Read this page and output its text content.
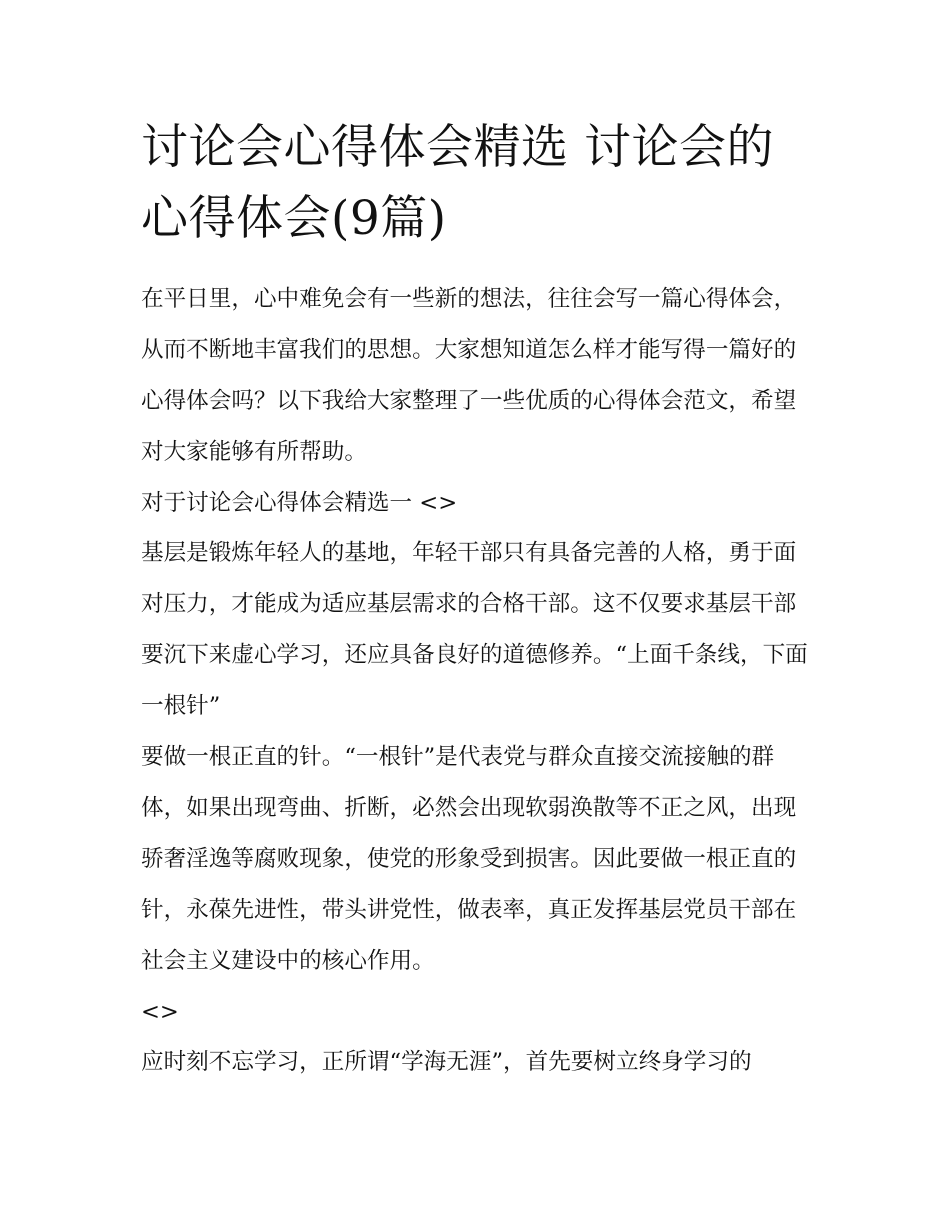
讨论会心得体会精选 讨论会的心得体会(9篇)

在平日里，心中难免会有一些新的想法，往往会写一篇心得体会，从而不断地丰富我们的思想。大家想知道怎么样才能写得一篇好的心得体会吗？以下我给大家整理了一些优质的心得体会范文，希望对大家能够有所帮助。

对于讨论会心得体会精选一 <>

基层是锻炼年轻人的基地，年轻干部只有具备完善的人格，勇于面对压力，才能成为适应基层需求的合格干部。这不仅要求基层干部要沉下来虚心学习，还应具备良好的道德修养。“上面千条线，下面一根针”

要做一根正直的针。“一根针”是代表党与群众直接交流接触的群体，如果出现弯曲、折断，必然会出现软弱涣散等不正之风，出现骄奢淫逸等腐败现象，使党的形象受到损害。因此要做一根正直的针，永葆先进性，带头讲党性，做表率，真正发挥基层党员干部在社会主义建设中的核心作用。

<>

应时刻不忘学习，正所谓“学海无涯”，首先要树立终身学习的
